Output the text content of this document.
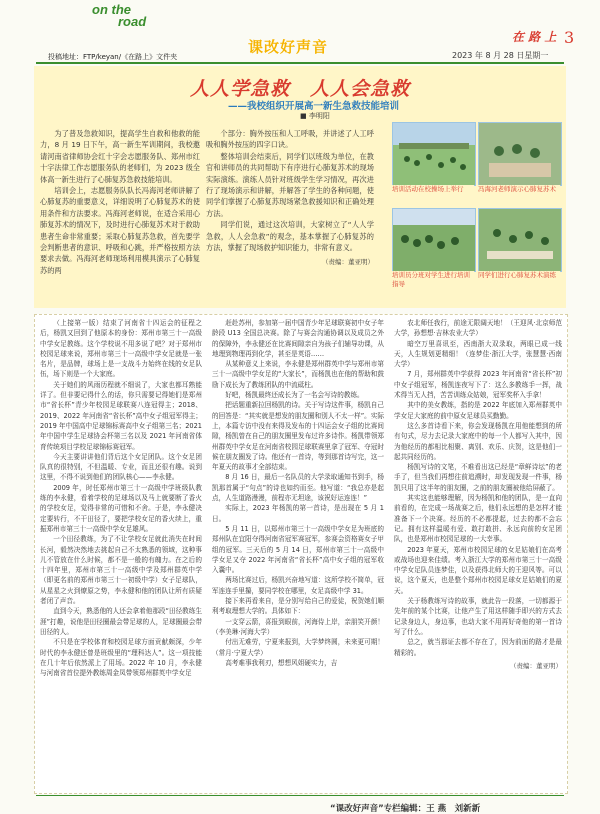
on the
road
投稿地址：FTP/keyan/《在路上》文件夹
课改好声音	2023 年 8 月 28 日星期一
在 路 上 3
人人学急救　人人会急救
——我校组织开展高一新生急救技能培训
■ 李明阳

为了普及急救知识，提高学生自救和他救的能力，8 月 19 日下午，高一新生军训期间，我校邀请河南省律师协会红十字会志愿服务队、郑州市红十字法律工作志愿服务队的老师们，为 2023 级全体高一新生进行了心肺复苏急救技能培训。

培训会上，志愿服务队队长冯海河老师讲解了心肺复苏的重要意义，详细说明了心肺复苏术的使用条件和方法要求。冯海河老师说，在适合采用心肺复苏术的情况下，及时进行心肺复苏术对于救助患者生命非常重要；采取心肺复苏急救，首先要学会判断患者的意识、呼吸和心跳，并严格按照方法要求去做。冯海河老师现场利用模具演示了心肺复苏的两

个部分：胸外按压和人工呼吸，并讲述了人工呼吸和胸外按压的四字口诀。

整体培训会结束后，同学们以班级为单位，在教官和讲师员的共同帮助下有序进行心肺复苏术的现场实际演练。演练人员针对班级学生学习情况，再次进行了现场演示和讲解，并解答了学生的各种问题，使同学们掌握了心肺复苏现场紧急救援知识和正确处理方法。

同学们说，通过这次培训，大家树立了“人人学急救，人人会急救”的观念，基本掌握了心肺复苏的方法，掌握了现场救护知识能力，非常有意义。

（责编：董亚明）
培训活动在校操场上举行	冯海河老师演示心肺复苏术
培训员分班对学生进行培训指导
同学们进行心肺复苏术演练

（上接第一版）结束了河南省十四运会的征程之后，杨凯又回到了他原本的身份：郑州市第三十一高级中学女足教练。这个学校说不用多说了吧？对于郑州市校园足球来说，郑州市第三十一高级中学女足就是一张名片，是品牌，球场上是一支战斗力始终在线的女足队伍，场下则是一个大家庭。

关于她们的风雨历程就不细说了，大家也都耳熟能详了。但非要记得什么的话，你只需要记得她们是郑州市“省长杯”青少年校园足球联赛八连冠得主；2018、2019、2022 年河南省“省长杯”高中女子组冠军得主；2019 年中国高中足球锦标赛高中女子组第三名；2021 年中国中学生足球协会杯第三名以及 2021 年河南省体育传统项目学校足球锦标赛冠军。

今天主要讲讲他们背后这个女足团队。这个女足团队真的很特别，不但温暖、专业，而且还很有趣。说到这里，不得不说到他们的团队核心——李永健。

2009 年，时任郑州市第三十一高级中学班级队教练的李永健，看着学校的足球场以及马上就要断了香火的学校女足，觉得非常的可惜和不舍。于是，李永健决定要转行，不干田径了，要把学校女足的香火续上，重振郑州市第三十一高级中学女足雄风。

一个田径教练，为了不让学校女足就此消失在时间长河，毅然决然地去挑起自己不太熟悉的领域，这种事儿不管放在什么时候，都不是一般的有魄力。在之后的十四年里，郑州市第三十一高级中学及郑州群英中学（即更名前的郑州市第三十一初级中学）女子足球队，从星星之火到燎原之势，李永健和他的团队让所有质疑者闭了声音。

直到今天，熟悉他的人还会拿着他那段“田径教练生涯”打趣，说他是田径圈最会带足球的人，足球圈最会带田径的人。

不只是在学校体育和校园足球方面贡献颇深，少年时代的李永健还曾是班级里的“理科达人”。这一项技能在几十年后依然派上了用场。2022 年 10 月，李永健与河南省首位提外教练周金凤带领郑州群英中学女足

赶赴苏州，参加第一届中国青少年足球联赛初中女子年龄段 U13 全国总决赛。除了与赛会沟通协调以及成员之外的保障外，李永健还在比赛间隙亲自为孩子们辅导功课，从地理到物理再到化学，甚至是英语……

从某种意义上来说，李永健是郑州群英中学与郑州市第三十一高级中学女足的“大家长”，而杨凯也在他的帮助和鼓励下成长为了教练团队的中流砥柱。

好吧，杨凯最终还成长为了一名会写诗的教练。

把话题重新拉回杨凯的诗。关于写诗这件事，杨凯自己的回答是：“其实就是想发的朋友圈和别人不太一样”。实际上，本篇专访中没有来得及发布的十四运会女子组的比赛间隙，杨凯曾在自己的朋友圈里发布过许多诗作。杨凯带领郑州群英中学女足在河南省校园足球联赛里拿了冠军、夺冠时候在朋友圈发了诗。他还有一首诗，等到那首诗写完，这一年夏天的故事才全部结束。

8 月 16 日，最后一名队员的大学录取通知书到手，杨凯那首属于“句点”的诗也如约而至。他写道：“我总亦是起点，人生道路漫漫，前程亦无坦途，该祝好运连连！”

实际上，2023 年杨凯的第一首诗，是出现在 5 月 1 日。

5 月 11 日，以郑州市第三十一高级中学女足为班底的郑州队在宜阳夺得河南省冠军赛冠军，参赛会资格赛女子甲组的冠军。三天后的 5 月 14 日，郑州市第三十一高级中学女足又夺 2022 年河南省“省长杯”高中女子组的冠军收入囊中。

两场比赛过后，杨凯兴奋地写道：这所学校不简单，冠军连连手里攥，要同学校在哪里，女足高级中学 31。

接下来再看来自，是分别写给自己的爱徒，祝贺她们顺利考取理想大学的。具体如下：

一支穿云箭，喜报到眼前，河海侍上岸，亲朋笑开颜！（李美琳·河海大学）

付出无难劳，宁夏来报到，大学梦终圆，未来更可期！（常月·宁夏大学）

高考难事我利刃，想想风姐硬实力，吉

农北师任我行，前途无限阔天地！（王迎风·北京师范大学，孙想想·吉林农业大学）

暗空万里喜讯至，西南浙大双录取，两眼已成一线天，人生规划更精细！（连梦佳·浙江大学，张慧慧·西南大学）

7 月，郑州群英中学获得 2023 年河南省“省长杯”初中女子组冠军，杨凯连夜写下了：这么多教练手一挥，战术得当无人挡，苦苦训练众姑娘，冠军奖杯入手拿！

其中的美女教练，指的是 2022 年底加入郑州群英中学女足大家庭的前中原女足球员买勤勤。

这么多首诗看下来，你会发现杨凯在用他能想到的所有句式，尽力去记录大家庭中的每一个人都写入其中，因为他经历的都相比相聚、离别、欢乐、庆贺，这是他们一起共同经历的。

杨凯写诗的文笔，不难看出这已经是“章鲜诗坛”的老手了，但当我们再想往前追溯时，却发现发现一件事，杨凯只用了这半年的朋友圈，之前的朋友圈被他给屏蔽了。

其实这也能够理解，因为杨凯和他的团队，是一直向前看的，在完成一场战赛之后，他们永远想的是怎样才能准备下一个决赛。经历的不必都提起，过去的都不会忘记。拥有这样温暖有爱、敢打敢拼、永远向前的女足团队，也是郑州市校园足球的一大幸事。

2023 年夏天，郑州市校园足球的女足姑娘们在高考或战场也迎来佳绩。考入浙江大学的郑州市第三十一高级中学女足队员连梦佳，以及获得北师大的王迎风等。可以说，这个夏天，也是整个郑州市校园足球女足姑娘们的夏天。

关于杨教练写诗的故事，就此告一段落，一切都源于先年前的某个比赛，让他产生了用这样随手即兴的方式去记录身边人，身边事，也动大家不用再好奇他的第一首诗写了什么。

总之，就当那证去都不存在了，因为前面的路才是最精彩的。

（责编：董亚明）
“课改好声音”专栏编辑：王 燕　刘新新
